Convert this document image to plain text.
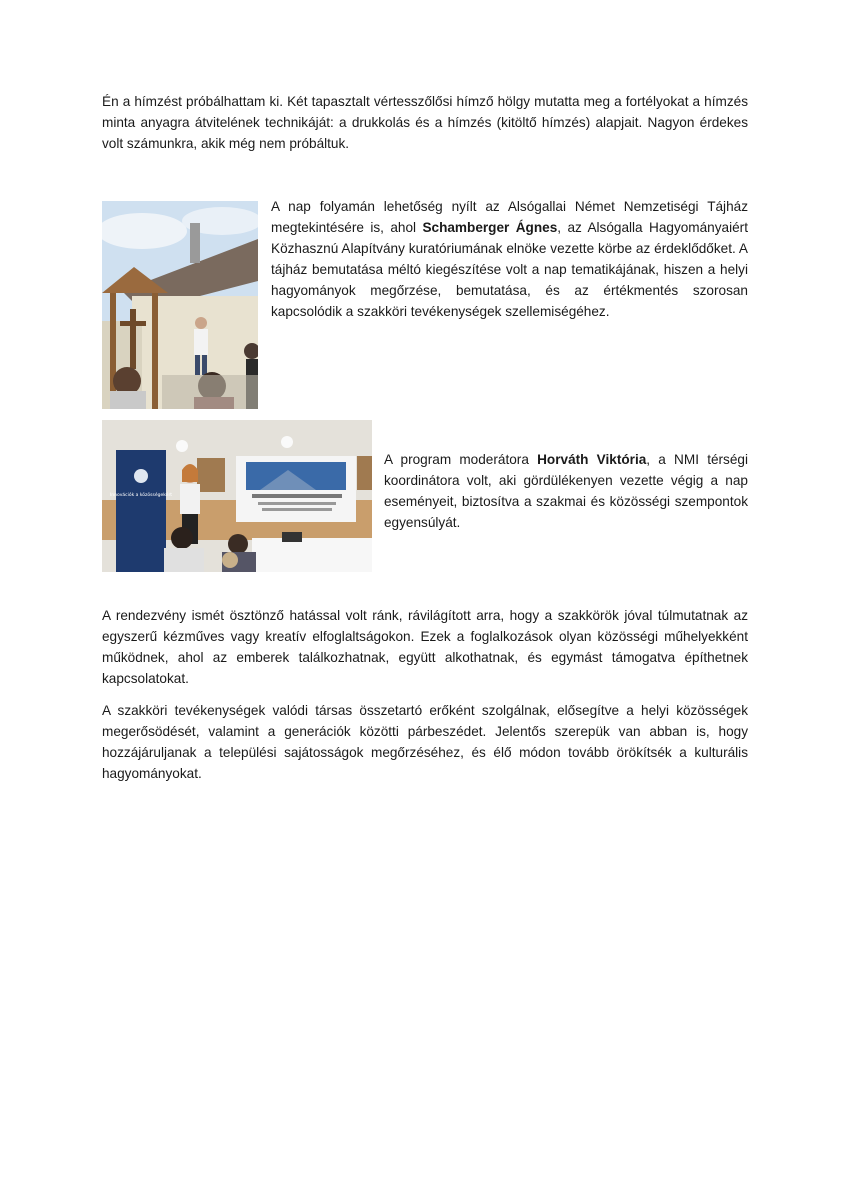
Én a hímzést próbálhattam ki. Két tapasztalt vértesszőlősi hímző hölgy mutatta meg a fortélyokat a hímzés minta anyagra átvitelének technikáját: a drukkolás és a hímzés (kitöltő hímzés) alapjait. Nagyon érdekes volt számunkra, akik még nem próbáltuk.

A nap folyamán lehetőség nyílt az Alsógallai Német Nemzetiségi Tájház megtekintésére is, ahol Schamberger Ágnes, az Alsógalla Hagyományaiért Közhasznú Alapítvány kuratóriumának elnöke vezette körbe az érdeklődőket. A tájház bemutatása méltó kiegészítése volt a nap tematikájának, hiszen a helyi hagyományok megőrzése, bemutatása, és az értékmentés szorosan kapcsolódik a szakköri tevékenységek szellemiségéhez.

Innovációk a közösségekért

A program moderátora Horváth Viktória, a NMI térségi koordinátora volt, aki gördülékenyen vezette végig a nap eseményeit, biztosítva a szakmai és közösségi szempontok egyensúlyát.

A rendezvény ismét ösztönző hatással volt ránk, rávilágított arra, hogy a szakkörök jóval túlmutatnak az egyszerű kézműves vagy kreatív elfoglaltságokon. Ezek a foglalkozások olyan közösségi műhelyekként működnek, ahol az emberek találkozhatnak, együtt alkothatnak, és egymást támogatva építhetnek kapcsolatokat.

A szakköri tevékenységek valódi társas összetartó erőként szolgálnak, elősegítve a helyi közösségek megerősödését, valamint a generációk közötti párbeszédet. Jelentős szerepük van abban is, hogy hozzájáruljanak a települési sajátosságok megőrzéséhez, és élő módon tovább örökítsék a kulturális hagyományokat.
